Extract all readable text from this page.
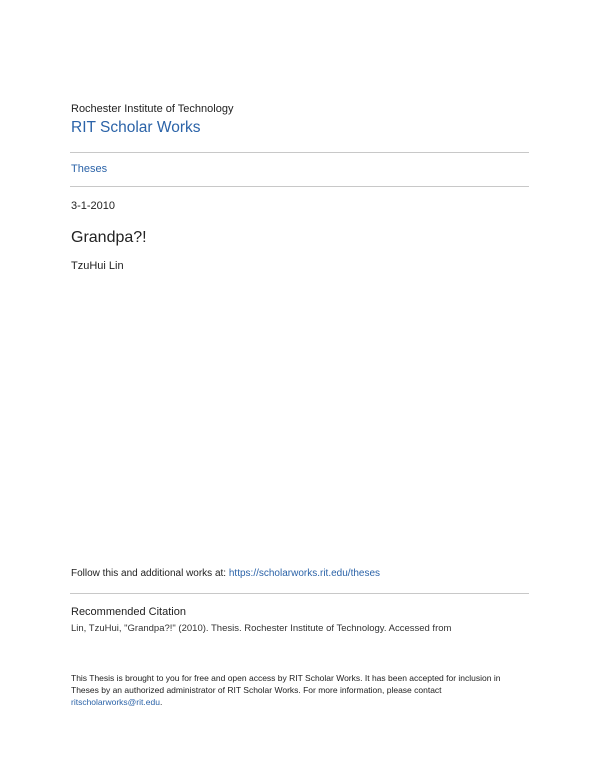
Rochester Institute of Technology
RIT Scholar Works
Theses
3-1-2010
Grandpa?!
TzuHui Lin
Follow this and additional works at: https://scholarworks.rit.edu/theses
Recommended Citation
Lin, TzuHui, "Grandpa?!" (2010). Thesis. Rochester Institute of Technology. Accessed from
This Thesis is brought to you for free and open access by RIT Scholar Works. It has been accepted for inclusion in Theses by an authorized administrator of RIT Scholar Works. For more information, please contact ritscholarworks@rit.edu.
